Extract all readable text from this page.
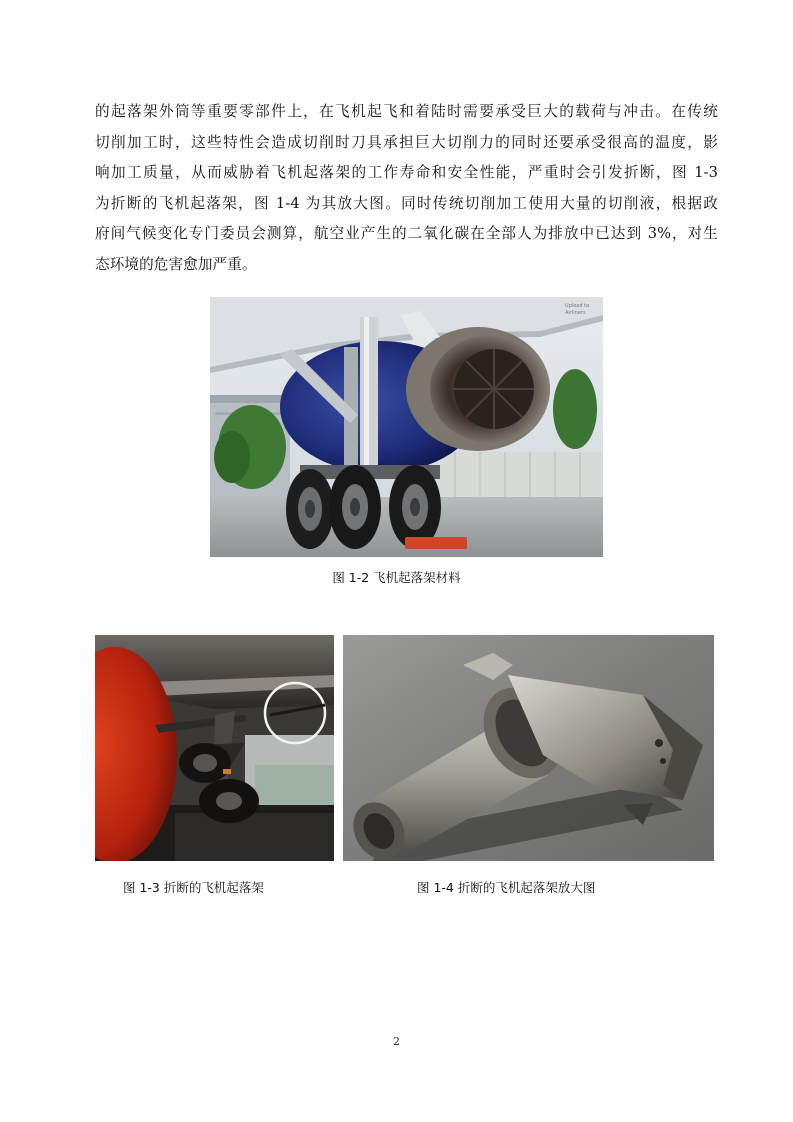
的起落架外筒等重要零部件上，在飞机起飞和着陆时需要承受巨大的载荷与冲击。在传统
切削加工时，这些特性会造成切削时刀具承担巨大切削力的同时还要承受很高的温度，影
响加工质量，从而威胁着飞机起落架的工作寿命和安全性能，严重时会引发折断，图 1-3
为折断的飞机起落架，图 1-4 为其放大图。同时传统切削加工使用大量的切削液，根据政
府间气候变化专门委员会测算，航空业产生的二氧化碳在全部人为排放中已达到 3%，对生
态环境的危害愈加严重。
Upload to
Airliners
图 1-2 飞机起落架材料
图 1-3 折断的飞机起落架	图 1-4 折断的飞机起落架放大图
2
